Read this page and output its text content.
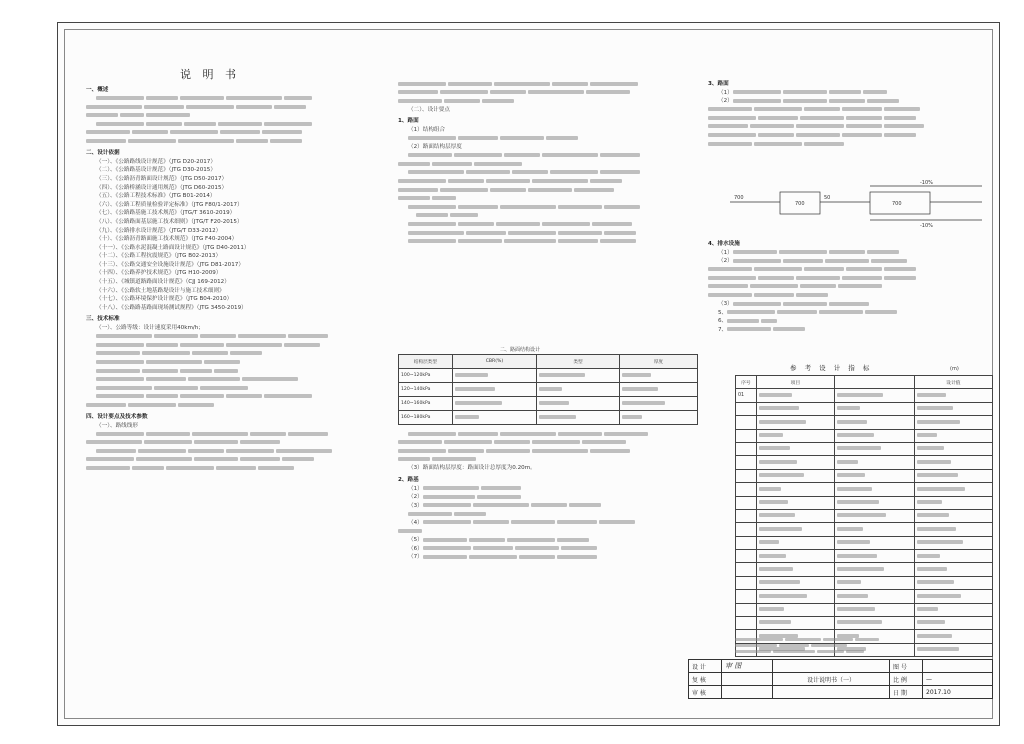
说 明 书
一、概述
二、设计依据
（一）、《公路路线设计规范》（JTG D20-2017）
（二）、《公路路基设计规范》（JTG D30-2015）
（三）、《公路沥青路面设计规范》（JTG D50-2017）
（四）、《公路桥涵设计通用规范》（JTG D60-2015）
（五）、《公路工程技术标准》（JTG B01-2014）
（六）、《公路工程质量检验评定标准》（JTG F80/1-2017）
（七）、《公路路基施工技术规范》（JTG/T 3610-2019）
（八）、《公路路面基层施工技术细则》（JTG/T F20-2015）
（九）、《公路排水设计规范》（JTG/T D33-2012）
（十）、《公路沥青路面施工技术规范》（JTG F40-2004）
（十一）、《公路水泥混凝土路面设计规范》（JTG D40-2011）
（十二）、《公路工程抗震规范》（JTG B02-2013）
（十三）、《公路交通安全设施设计规范》（JTG D81-2017）
（十四）、《公路养护技术规范》（JTG H10-2009）
（十五）、《城镇道路路面设计规范》（CJJ 169-2012）
（十六）、《公路软土地基路堤设计与施工技术细则》
（十七）、《公路环境保护设计规范》（JTG B04-2010）
（十八）、《公路路基路面现场测试规程》（JTG 3450-2019）
三、技术标准
（一）、公路等级：设计速度采用40km/h；
四、设计要点及技术参数
（一）、路线线形
（二）、设计要点
1、路面
（1）结构组合
（2）路面结构层厚度
（3）路面结构层厚度：路面设计总厚度为0.20m。
2、路基
（1）
（2）
（3）
（4）
（5）
（6）
（7）
3、路面
（1）
（2）
4、排水设施
（1）
（2）
（3）
5、
6、
7、
700
700
50
700
-10%
-10%
二、路面结构设计
结构层类型	CBR(%)	类型	厚度
100~120kPa			
120~140kPa			
140~160kPa			
160~180kPa			
参 考 设 计 指 标	(m)
序号	项目		设计值
01			

设 计	审 图		图 号	
复 核		设计说明书（一）	比 例	—
审 核			日 期	2017.10
